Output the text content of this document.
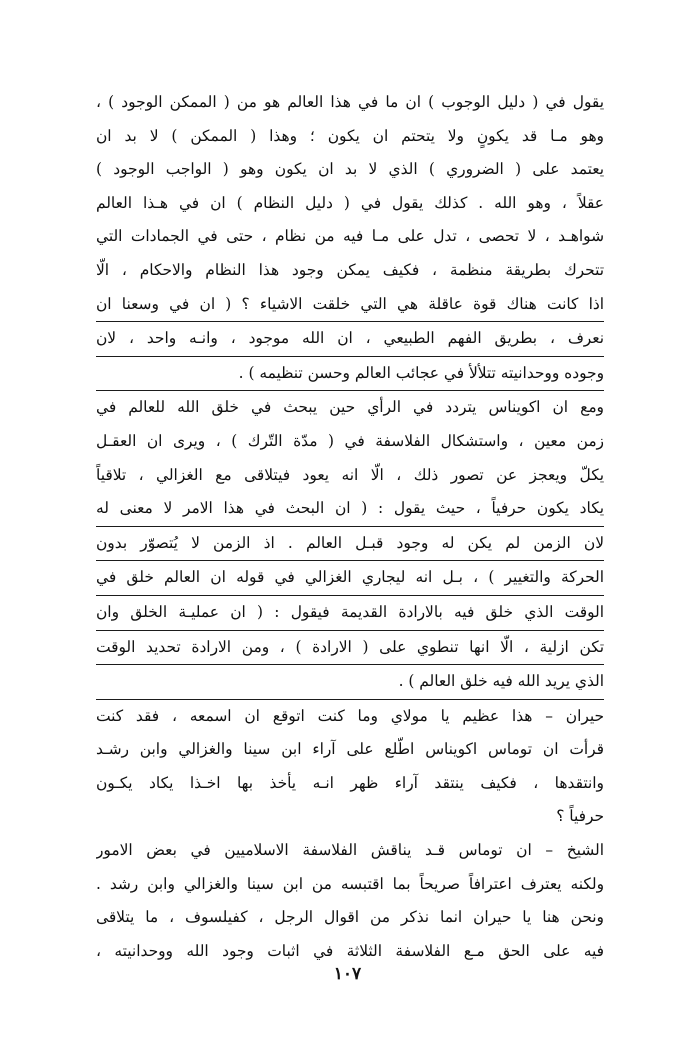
يقول في ( دليل الوجوب ) ان ما في هذا العالم هو من ( الممكن الوجود ) ،
وهو مـا قد يكونٍ ولا يتحتم ان يكون ؛ وهذا ( الممكن ) لا بد ان
يعتمد على ( الضروري ) الذي لا بد ان يكون وهو ( الواجب الوجود )
عقلاً ، وهو الله . كذلك يقول في ( دليل النظام ) ان في هـذا العالم
شواهـد ، لا تحصى ، تدل على مـا فيه من نظام ، حتى في الجمادات التي
تتحرك بطريقة منظمة ، فكيف يمكن وجود هذا النظام والاحكام ، الّا
اذا كانت هناك قوة عاقلة هي التي خلقت الاشياء ؟ ( ان في وسعنا ان
نعرف ، بطريق الفهم الطبيعي ، ان الله موجود ، وانـه واحد ، لان
وجوده ووحدانيته تتلألأ في عجائب العالم وحسن تنظيمه ) .
ومع ان اكويناس يتردد في الرأي حين يبحث في خلق الله للعالم في
زمن معين ، واستشكال الفلاسفة في ( مدّة التّرك ) ، ويرى ان العقـل
يكلّ ويعجز عن تصور ذلك ، الّا انه يعود فيتلاقى مع الغزالي ، تلاقياً
يكاد يكون حرفياً ، حيث يقول : ( ان البحث في هذا الامر لا معنى له
لان الزمن لم يكن له وجود قبـل العالم . اذ الزمن لا يُتصوّر بدون
الحركة والتغيير ) ، بـل انه ليجاري الغزالي في قوله ان العالم خلق في
الوقت الذي خلق فيه بالارادة القديمة فيقول : ( ان عمليـة الخلق وان
تكن ازلية ، الّا انها تنطوي على ( الارادة ) ، ومن الارادة تحديد الوقت
الذي يريد الله فيه خلق العالم ) .
حيران – هذا عظيم يا مولاي وما كنت اتوقع ان اسمعه ، فقد كنت
قرأت ان توماس اكويناس اطّلع على آراء ابن سينا والغزالي وابن رشـد
وانتقدها ، فكيف ينتقد آراء ظهر انـه يأخذ بها اخـذا يكاد يكـون
حرفياً ؟
الشيخ – ان توماس قـد يناقش الفلاسفة الاسلاميين في بعض الامور
ولكنه يعترف اعترافاً صريحاً بما اقتبسه من ابن سينا والغزالي وابن رشد .
ونحن هنا يا حيران انما نذكر من اقوال الرجل ، كفيلسوف ، ما يتلاقى
فيه على الحق مـع الفلاسفة الثلاثة في اثبات وجود الله ووحدانيته ،
١٠٧
